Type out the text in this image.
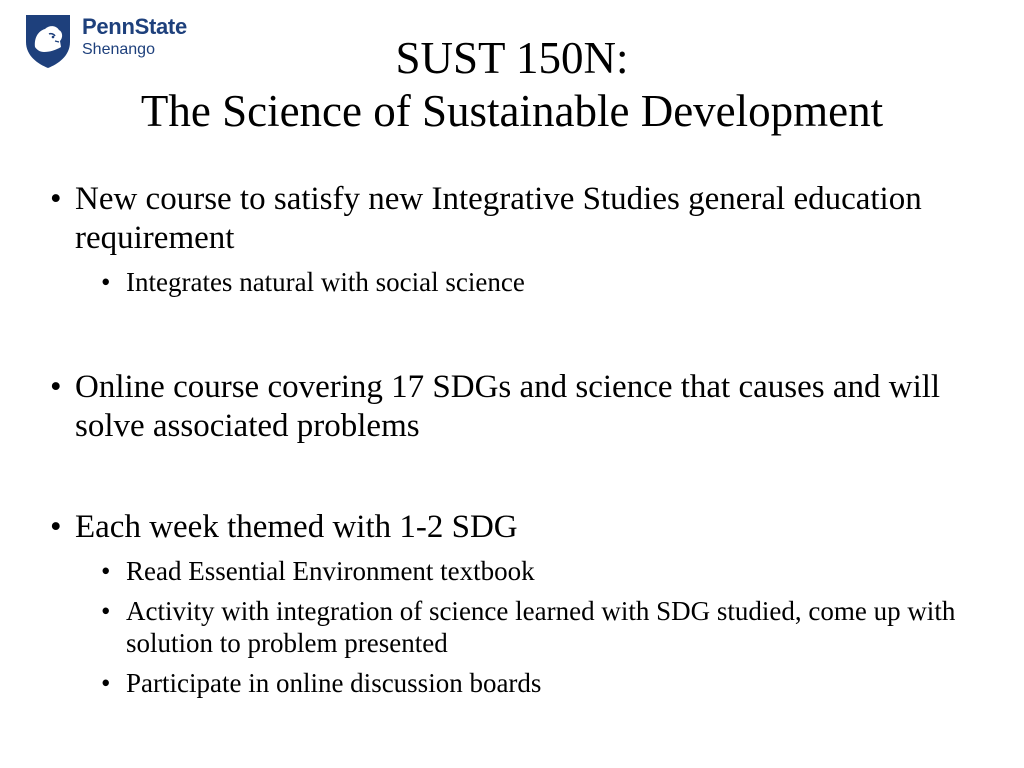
PennState
Shenango	SUST 150N:
The Science of Sustainable Development
• New course to satisfy new Integrative Studies general education requirement
• Integrates natural with social science
• Online course covering 17 SDGs and science that causes and will solve associated problems
• Each week themed with 1-2 SDG
• Read Essential Environment textbook
• Activity with integration of science learned with SDG studied, come up with solution to problem presented
• Participate in online discussion boards
